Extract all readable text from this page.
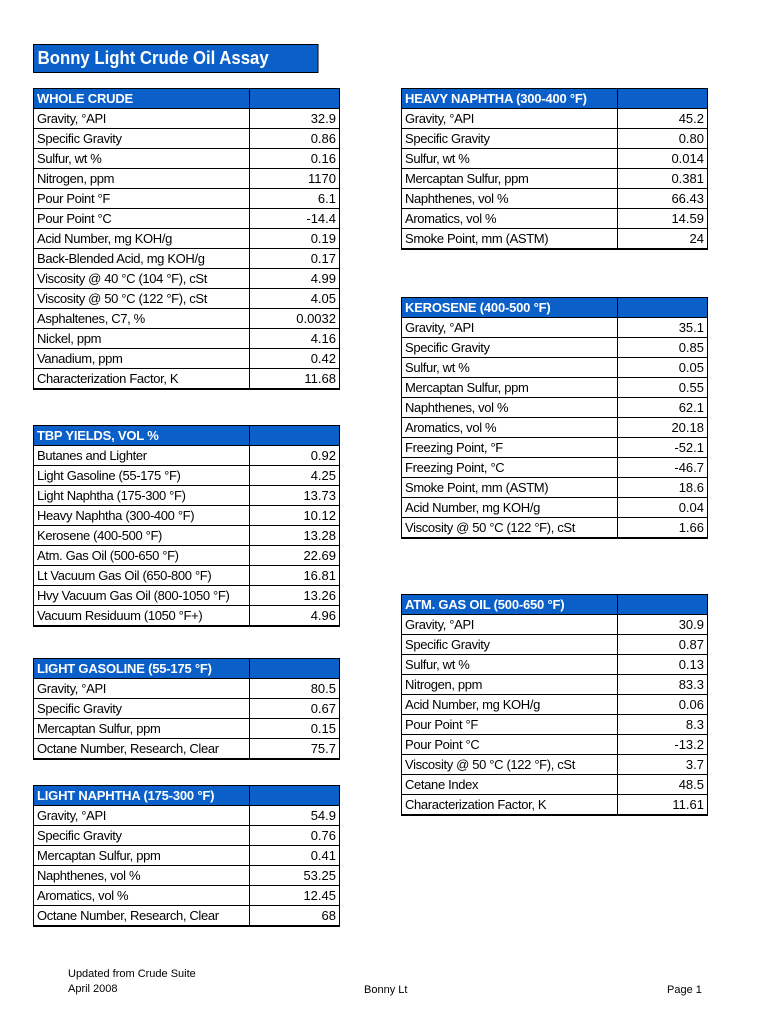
Bonny Light Crude Oil Assay
WHOLE CRUDE	
Gravity, °API	32.9
Specific Gravity	0.86
Sulfur, wt %	0.16
Nitrogen, ppm	1170
Pour Point °F	6.1
Pour Point °C	-14.4
Acid Number, mg KOH/g	0.19
Back-Blended Acid, mg KOH/g	0.17
Viscosity @ 40 °C (104 °F), cSt	4.99
Viscosity @ 50 °C (122 °F), cSt	4.05
Asphaltenes, C7, %	0.0032
Nickel, ppm	4.16
Vanadium, ppm	0.42
Characterization Factor, K	11.68
TBP YIELDS, VOL %	
Butanes and Lighter	0.92
Light Gasoline (55-175 °F)	4.25
Light Naphtha (175-300 °F)	13.73
Heavy Naphtha (300-400 °F)	10.12
Kerosene (400-500 °F)	13.28
Atm. Gas Oil (500-650 °F)	22.69
Lt Vacuum Gas Oil (650-800 °F)	16.81
Hvy Vacuum Gas Oil (800-1050 °F)	13.26
Vacuum Residuum (1050 °F+)	4.96
LIGHT GASOLINE (55-175 °F)	
Gravity, °API	80.5
Specific Gravity	0.67
Mercaptan Sulfur, ppm	0.15
Octane Number, Research, Clear	75.7
LIGHT NAPHTHA (175-300 °F)	
Gravity, °API	54.9
Specific Gravity	0.76
Mercaptan Sulfur, ppm	0.41
Naphthenes, vol %	53.25
Aromatics, vol %	12.45
Octane Number, Research, Clear	68
HEAVY NAPHTHA (300-400 °F)	
Gravity, °API	45.2
Specific Gravity	0.80
Sulfur, wt %	0.014
Mercaptan Sulfur, ppm	0.381
Naphthenes, vol %	66.43
Aromatics, vol %	14.59
Smoke Point, mm (ASTM)	24
KEROSENE (400-500 °F)	
Gravity, °API	35.1
Specific Gravity	0.85
Sulfur, wt %	0.05
Mercaptan Sulfur, ppm	0.55
Naphthenes, vol %	62.1
Aromatics, vol %	20.18
Freezing Point, °F	-52.1
Freezing Point, °C	-46.7
Smoke Point, mm (ASTM)	18.6
Acid Number, mg KOH/g	0.04
Viscosity @ 50 °C (122 °F), cSt	1.66
ATM. GAS OIL (500-650 °F)	
Gravity, °API	30.9
Specific Gravity	0.87
Sulfur, wt %	0.13
Nitrogen, ppm	83.3
Acid Number, mg KOH/g	0.06
Pour Point °F	8.3
Pour Point °C	-13.2
Viscosity @ 50 °C (122 °F), cSt	3.7
Cetane Index	48.5
Characterization Factor, K	11.61
Updated from Crude Suite
April 2008	Bonny Lt	Page 1
